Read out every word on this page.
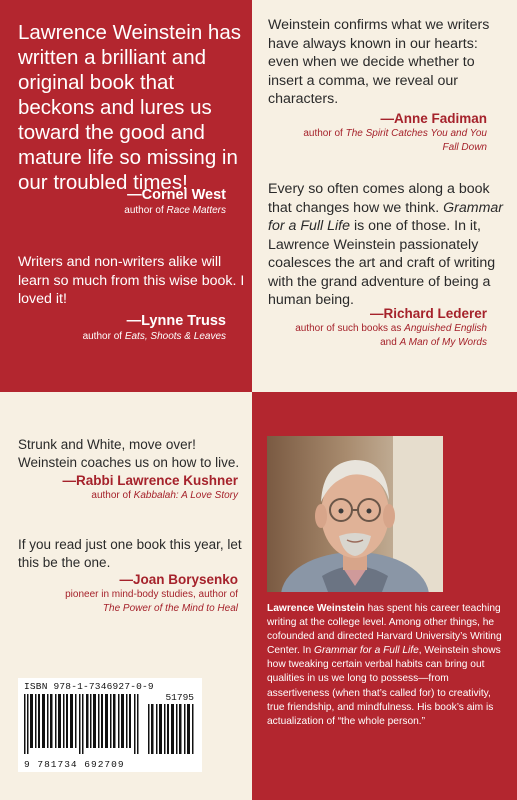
Lawrence Weinstein has written a brilliant and original book that beckons and lures us toward the good and mature life so missing in our troubled times!

—Cornel West
author of Race Matters

Writers and non-writers alike will learn so much from this wise book. I loved it!

—Lynne Truss
author of Eats, Shoots & Leaves

Weinstein confirms what we writers have always known in our hearts: even when we decide whether to insert a comma, we reveal our characters.

—Anne Fadiman
author of The Spirit Catches You and You Fall Down

Every so often comes along a book that changes how we think. Grammar for a Full Life is one of those. In it, Lawrence Weinstein passionately coalesces the art and craft of writing with the grand adventure of being a human being.

—Richard Lederer
author of such books as Anguished English and A Man of My Words

Strunk and White, move over! Weinstein coaches us on how to live.

—Rabbi Lawrence Kushner
author of Kabbalah: A Love Story

If you read just one book this year, let this be the one.

—Joan Borysenko
pioneer in mind-body studies, author of
The Power of the Mind to Heal
ISBN 978-1-7346927-0-9
51795
9 781734 692709

Lawrence Weinstein has spent his career teaching writing at the college level. Among other things, he cofounded and directed Harvard University’s Writing Center. In Grammar for a Full Life, Weinstein shows how tweaking certain verbal habits can bring out qualities in us we long to possess—from assertiveness (when that’s called for) to creativity, true friendship, and mindfulness. His book’s aim is actualization of “the whole person.”
